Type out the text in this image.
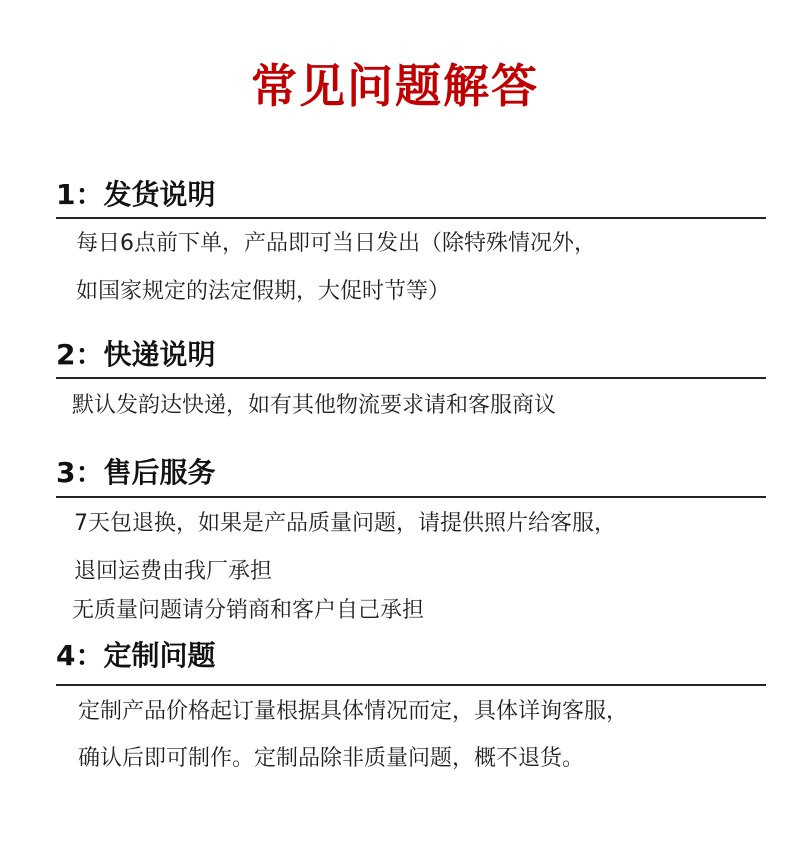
常见问题解答
1：发货说明
每日6点前下单，产品即可当日发出（除特殊情况外，
如国家规定的法定假期，大促时节等）
2：快递说明
默认发韵达快递，如有其他物流要求请和客服商议
3：售后服务
7天包退换，如果是产品质量问题，请提供照片给客服，
退回运费由我厂承担
无质量问题请分销商和客户自己承担
4：定制问题
定制产品价格起订量根据具体情况而定，具体详询客服，
确认后即可制作。定制品除非质量问题，概不退货。
